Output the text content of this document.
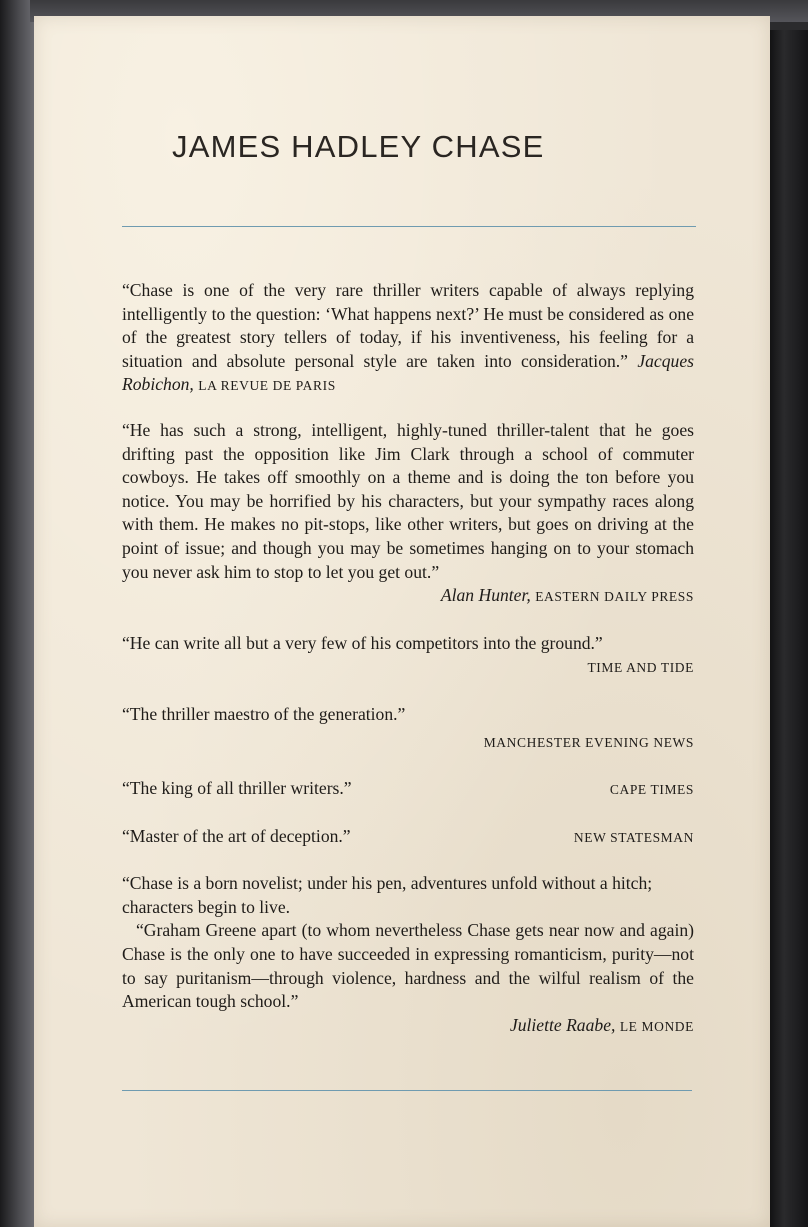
JAMES HADLEY CHASE

“Chase is one of the very rare thriller writers capable of always replying intelligently to the question: ‘What happens next?’ He must be considered as one of the greatest story tellers of today, if his inventiveness, his feeling for a situation and absolute personal style are taken into consideration.” Jacques Robichon, LA REVUE DE PARIS

“He has such a strong, intelligent, highly-tuned thriller-talent that he goes drifting past the opposition like Jim Clark through a school of commuter cowboys. He takes off smoothly on a theme and is doing the ton before you notice. You may be horrified by his characters, but your sympathy races along with them. He makes no pit-stops, like other writers, but goes on driving at the point of issue; and though you may be sometimes hanging on to your stomach you never ask him to stop to let you get out.”

Alan Hunter, EASTERN DAILY PRESS

“He can write all but a very few of his competitors into the ground.”

TIME AND TIDE

“The thriller maestro of the generation.”

MANCHESTER EVENING NEWS

“The king of all thriller writers.”	CAPE TIMES

“Master of the art of deception.”	NEW STATESMAN

“Chase is a born novelist; under his pen, adventures unfold without a hitch; characters begin to live.

“Graham Greene apart (to whom nevertheless Chase gets near now and again) Chase is the only one to have succeeded in expressing romanticism, purity—not to say puritanism—through violence, hardness and the wilful realism of the American tough school.”

Juliette Raabe, LE MONDE
